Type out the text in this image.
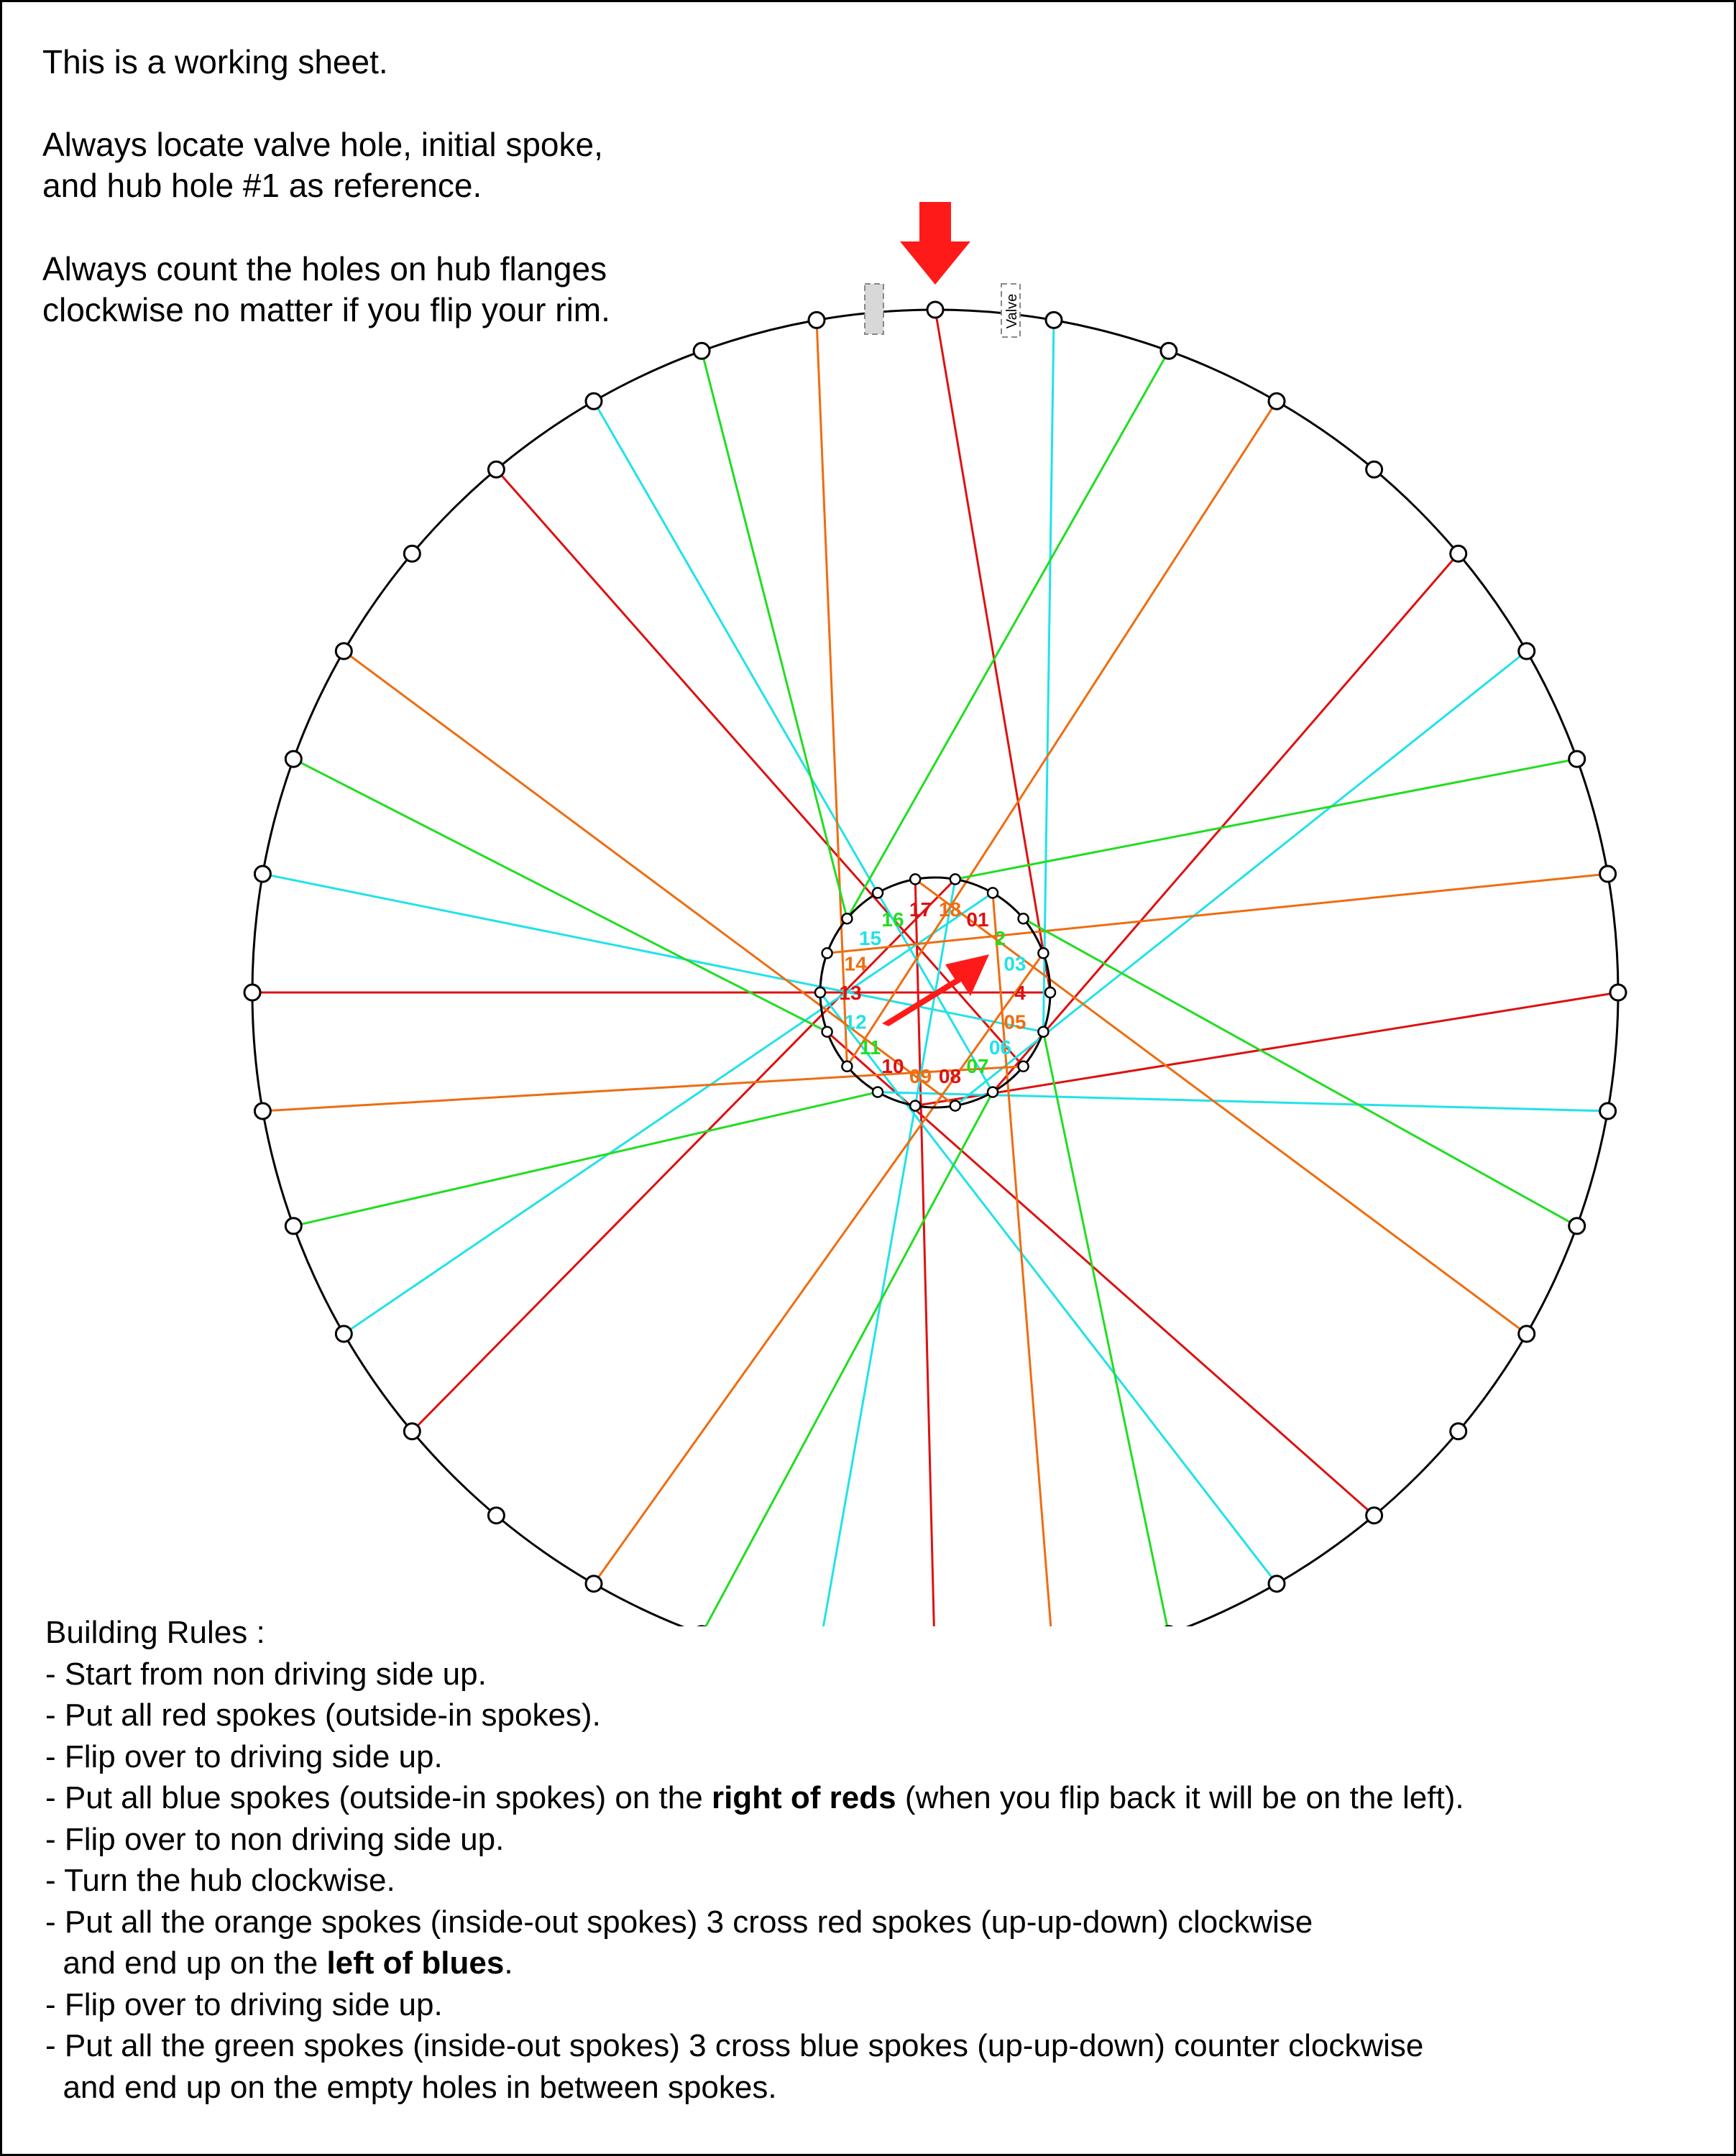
This is a working sheet.

Always locate valve hole, initial spoke,

and hub hole #1 as reference.

Always count the holes on hub flanges

clockwise no matter if you flip your rim.

01
2
03
4
05
06
07
08
09
10
11
12
13
14
15
16 17 18
Valve
Building Rules :
- Start from non driving side up.
- Put all red spokes (outside-in spokes).
- Flip over to driving side up.
- Put all blue spokes (outside-in spokes) on the right of reds (when you flip back it will be on the left).
- Flip over to non driving side up.
- Turn the hub clockwise.
- Put all the orange spokes (inside-out spokes) 3 cross red spokes (up-up-down) clockwise
and end up on the left of blues.
- Flip over to driving side up.
- Put all the green spokes (inside-out spokes) 3 cross blue spokes (up-up-down) counter clockwise
and end up on the empty holes in between spokes.
